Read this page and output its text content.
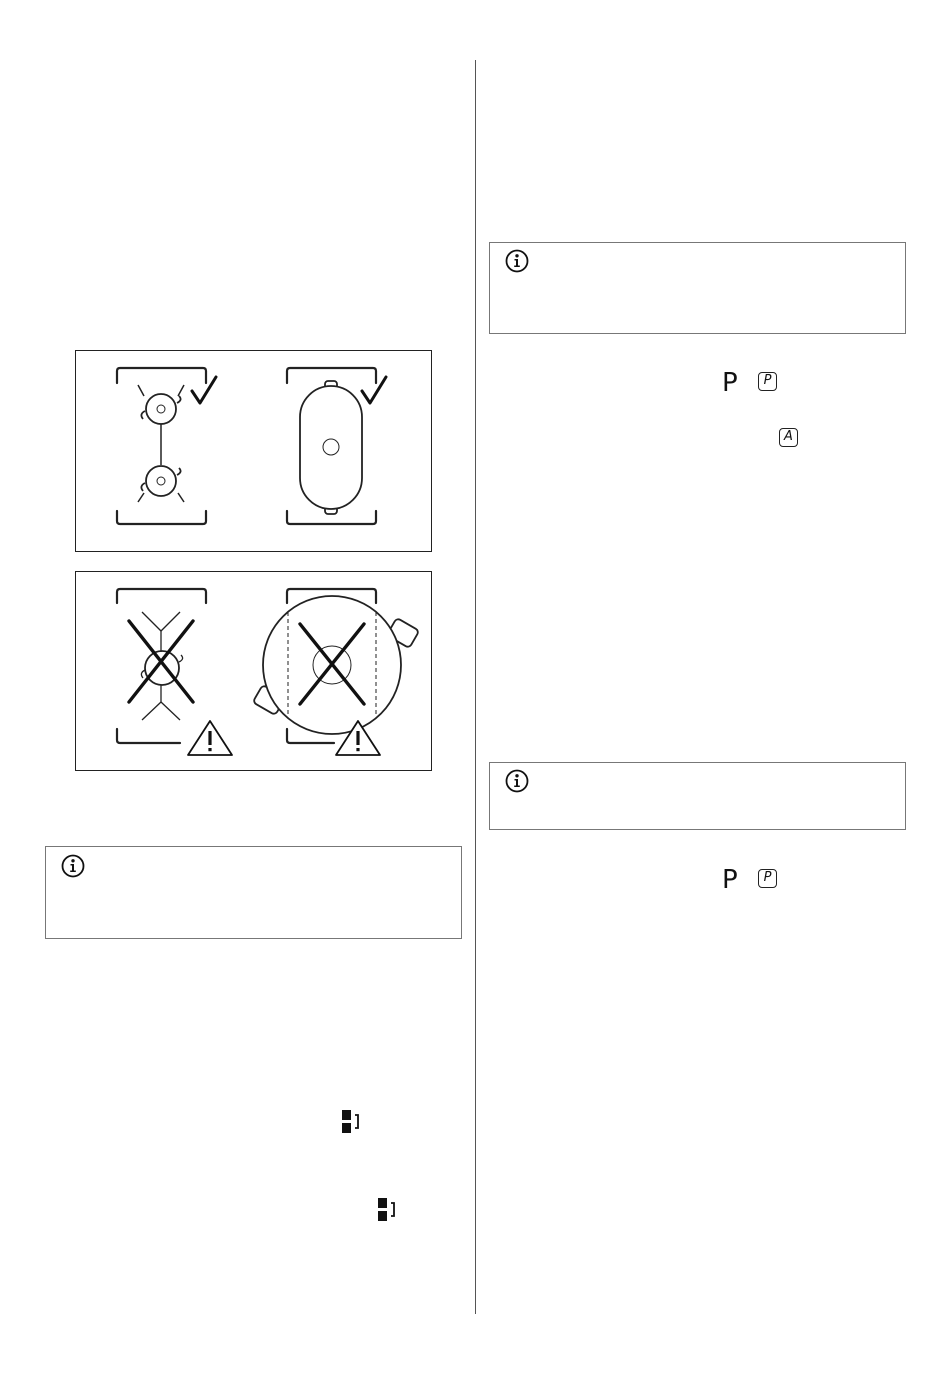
P	P
A
P	P
